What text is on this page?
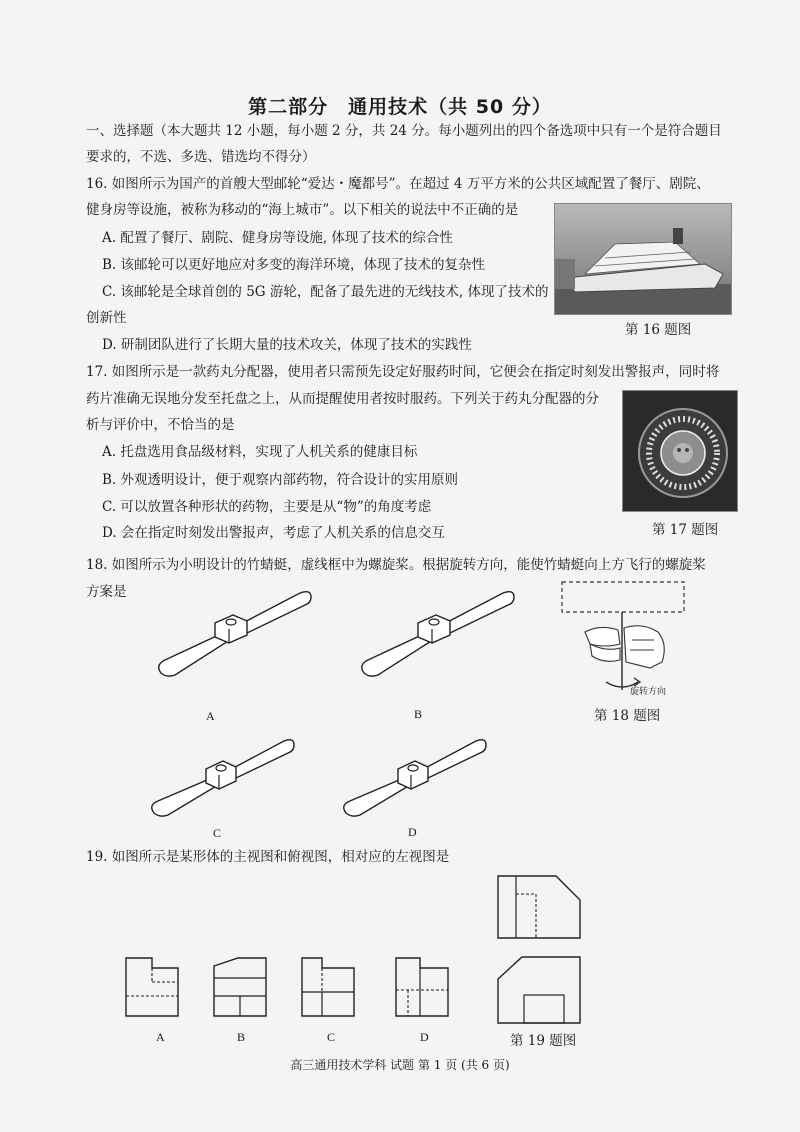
第二部分　通用技术（共 50 分）
一、选择题（本大题共 12 小题，每小题 2 分，共 24 分。每小题列出的四个备选项中只有一个是符合题目
要求的，不选、多选、错选均不得分）
16. 如图所示为国产的首艘大型邮轮“爱达・魔都号”。在超过 4 万平方米的公共区域配置了餐厅、剧院、
健身房等设施，被称为移动的“海上城市”。以下相关的说法中不正确的是
A. 配置了餐厅、剧院、健身房等设施, 体现了技术的综合性
B. 该邮轮可以更好地应对多变的海洋环境，体现了技术的复杂性
C. 该邮轮是全球首创的 5G 游轮，配备了最先进的无线技术, 体现了技术的
创新性
D. 研制团队进行了长期大量的技术攻关，体现了技术的实践性
第 16 题图
17. 如图所示是一款药丸分配器，使用者只需预先设定好服药时间，它便会在指定时刻发出警报声，同时将
药片准确无误地分发至托盘之上，从而提醒使用者按时服药。下列关于药丸分配器的分
析与评价中，不恰当的是
A. 托盘选用食品级材料，实现了人机关系的健康目标
B. 外观透明设计，便于观察内部药物，符合设计的实用原则
C. 可以放置各种形状的药物，主要是从“物”的角度考虑
D. 会在指定时刻发出警报声，考虑了人机关系的信息交互	第 17 题图
18. 如图所示为小明设计的竹蜻蜓，虚线框中为螺旋桨。根据旋转方向，能使竹蜻蜓向上方飞行的螺旋桨
方案是
A	B
C	D
旋转方向
第 18 题图
19. 如图所示是某形体的主视图和俯视图，相对应的左视图是
A	B	C	D	第 19 题图
高三通用技术学科 试题 第 1 页 (共 6 页)
